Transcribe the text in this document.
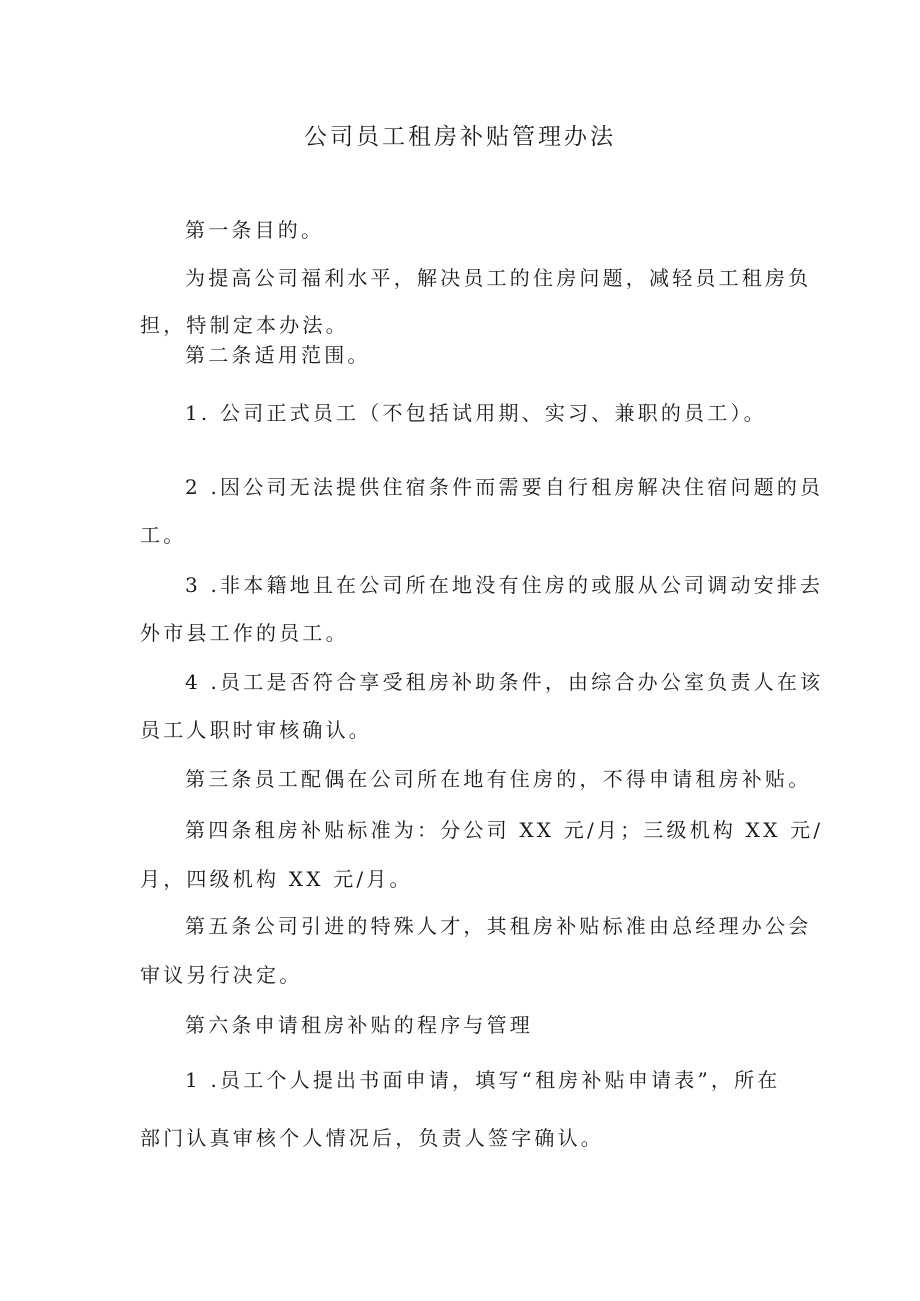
公司员工租房补贴管理办法
第一条目的。
为提高公司福利水平，解决员工的住房问题，减轻员工租房负
担，特制定本办法。
第二条适用范围。
1. 公司正式员工（不包括试用期、实习、兼职的员工）。
2 .因公司无法提供住宿条件而需要自行租房解决住宿问题的员
工。
3 .非本籍地且在公司所在地没有住房的或服从公司调动安排去
外市县工作的员工。
4 .员工是否符合享受租房补助条件，由综合办公室负责人在该
员工人职时审核确认。
第三条员工配偶在公司所在地有住房的，不得申请租房补贴。
第四条租房补贴标准为：分公司 XX 元/月；三级机构 XX 元/
月，四级机构 XX 元/月。
第五条公司引进的特殊人才，其租房补贴标准由总经理办公会
审议另行决定。
第六条申请租房补贴的程序与管理
1 .员工个人提出书面申请，填写“租房补贴申请表”，所在
部门认真审核个人情况后，负责人签字确认。
